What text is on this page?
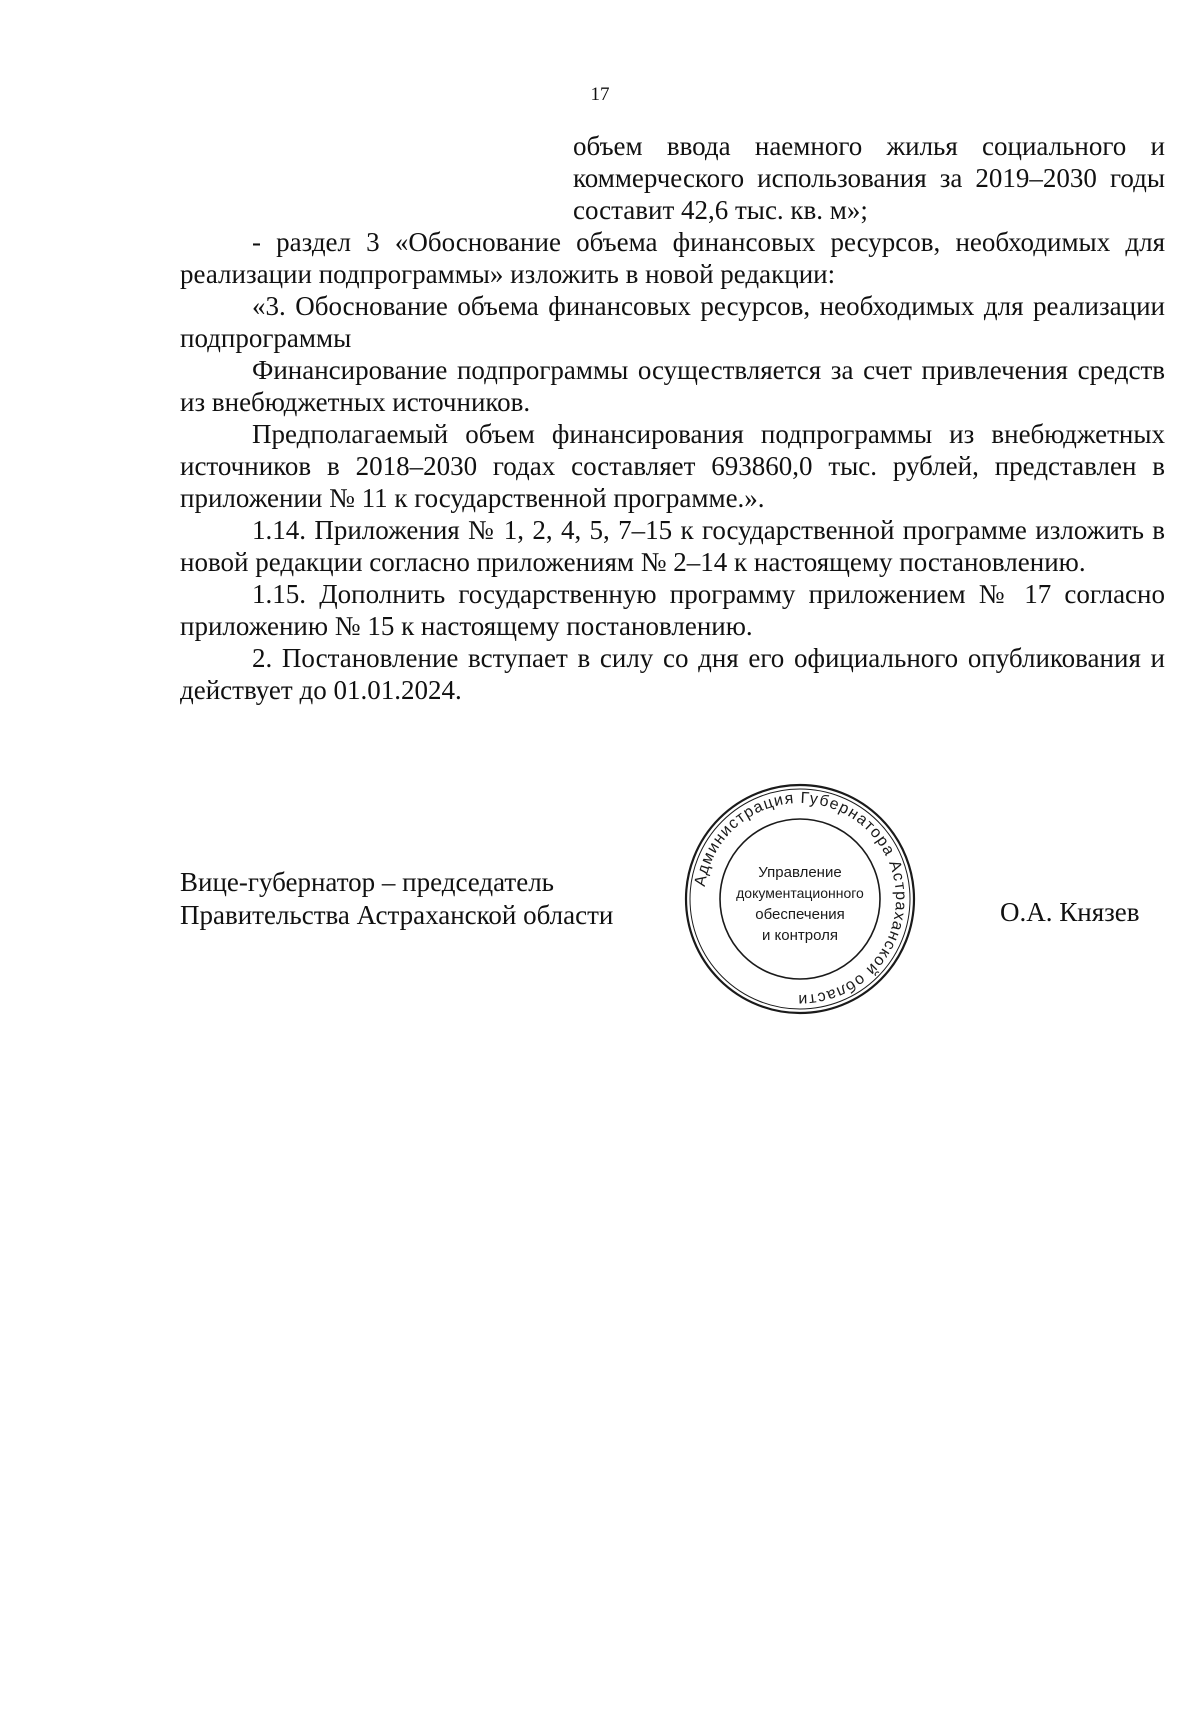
17

объем ввода наемного жилья социального и коммерческого использования за 2019–2030 годы составит 42,6 тыс. кв. м»;

- раздел 3 «Обоснование объема финансовых ресурсов, необходимых для реализации подпрограммы» изложить в новой редакции:

«3. Обоснование объема финансовых ресурсов, необходимых для реализации подпрограммы

Финансирование подпрограммы осуществляется за счет привлечения средств из внебюджетных источников.

Предполагаемый объем финансирования подпрограммы из внебюджетных источников в 2018–2030 годах составляет 693860,0 тыс. рублей, представлен в приложении № 11 к государственной программе.».

1.14. Приложения № 1, 2, 4, 5, 7–15 к государственной программе изложить в новой редакции согласно приложениям № 2–14 к настоящему постановлению.

1.15. Дополнить государственную программу приложением № 17 согласно приложению № 15 к настоящему постановлению.

2. Постановление вступает в силу со дня его официального опубликования и действует до 01.01.2024.

Вице-губернатор – председатель
Правительства Астраханской области
Администрация Губернатора Астраханской области
Управление
документационного
обеспечения
и контроля
О.А. Князев
